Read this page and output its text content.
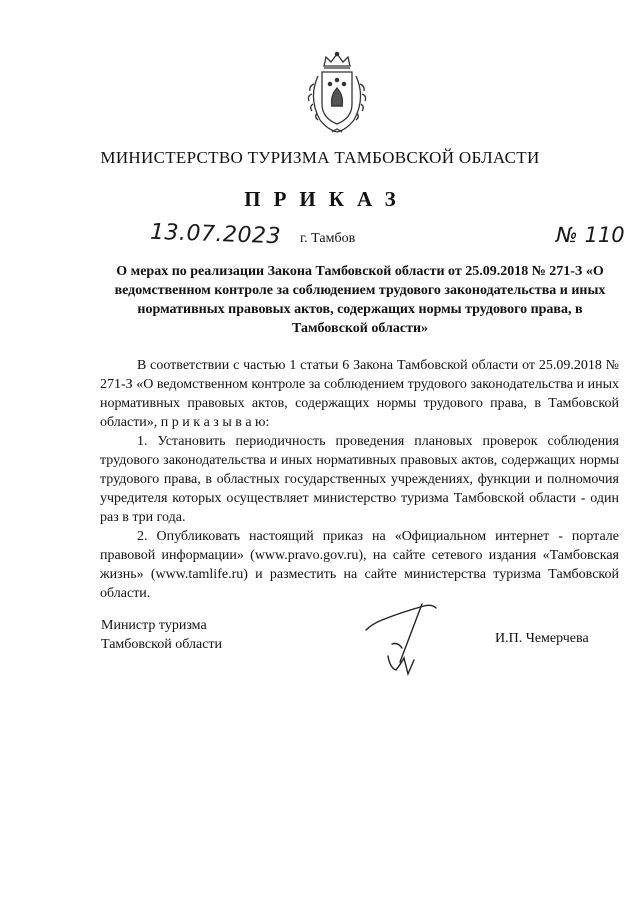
МИНИСТЕРСТВО ТУРИЗМА ТАМБОВСКОЙ ОБЛАСТИ
ПРИКАЗ
13.07.2023 г. Тамбов	№ 110
О мерах по реализации Закона Тамбовской области от 25.09.2018 № 271-З «О ведомственном контроле за соблюдением трудового законодательства и иных нормативных правовых актов, содержащих нормы трудового права, в Тамбовской области»

В соответствии с частью 1 статьи 6 Закона Тамбовской области от 25.09.2018 № 271-З «О ведомственном контроле за соблюдением трудового законодательства и иных нормативных правовых актов, содержащих нормы трудового права, в Тамбовской области», п р и к а з ы в а ю:

1. Установить периодичность проведения плановых проверок соблюдения трудового законодательства и иных нормативных правовых актов, содержащих нормы трудового права, в областных государственных учреждениях, функции и полномочия учредителя которых осуществляет министерство туризма Тамбовской области - один раз в три года.

2. Опубликовать настоящий приказ на «Официальном интернет - портале правовой информации» (www.pravo.gov.ru), на сайте сетевого издания «Тамбовская жизнь» (www.tamlife.ru) и разместить на сайте министерства туризма Тамбовской области.

Министр туризма
Тамбовской области	И.П. Чемерчева
